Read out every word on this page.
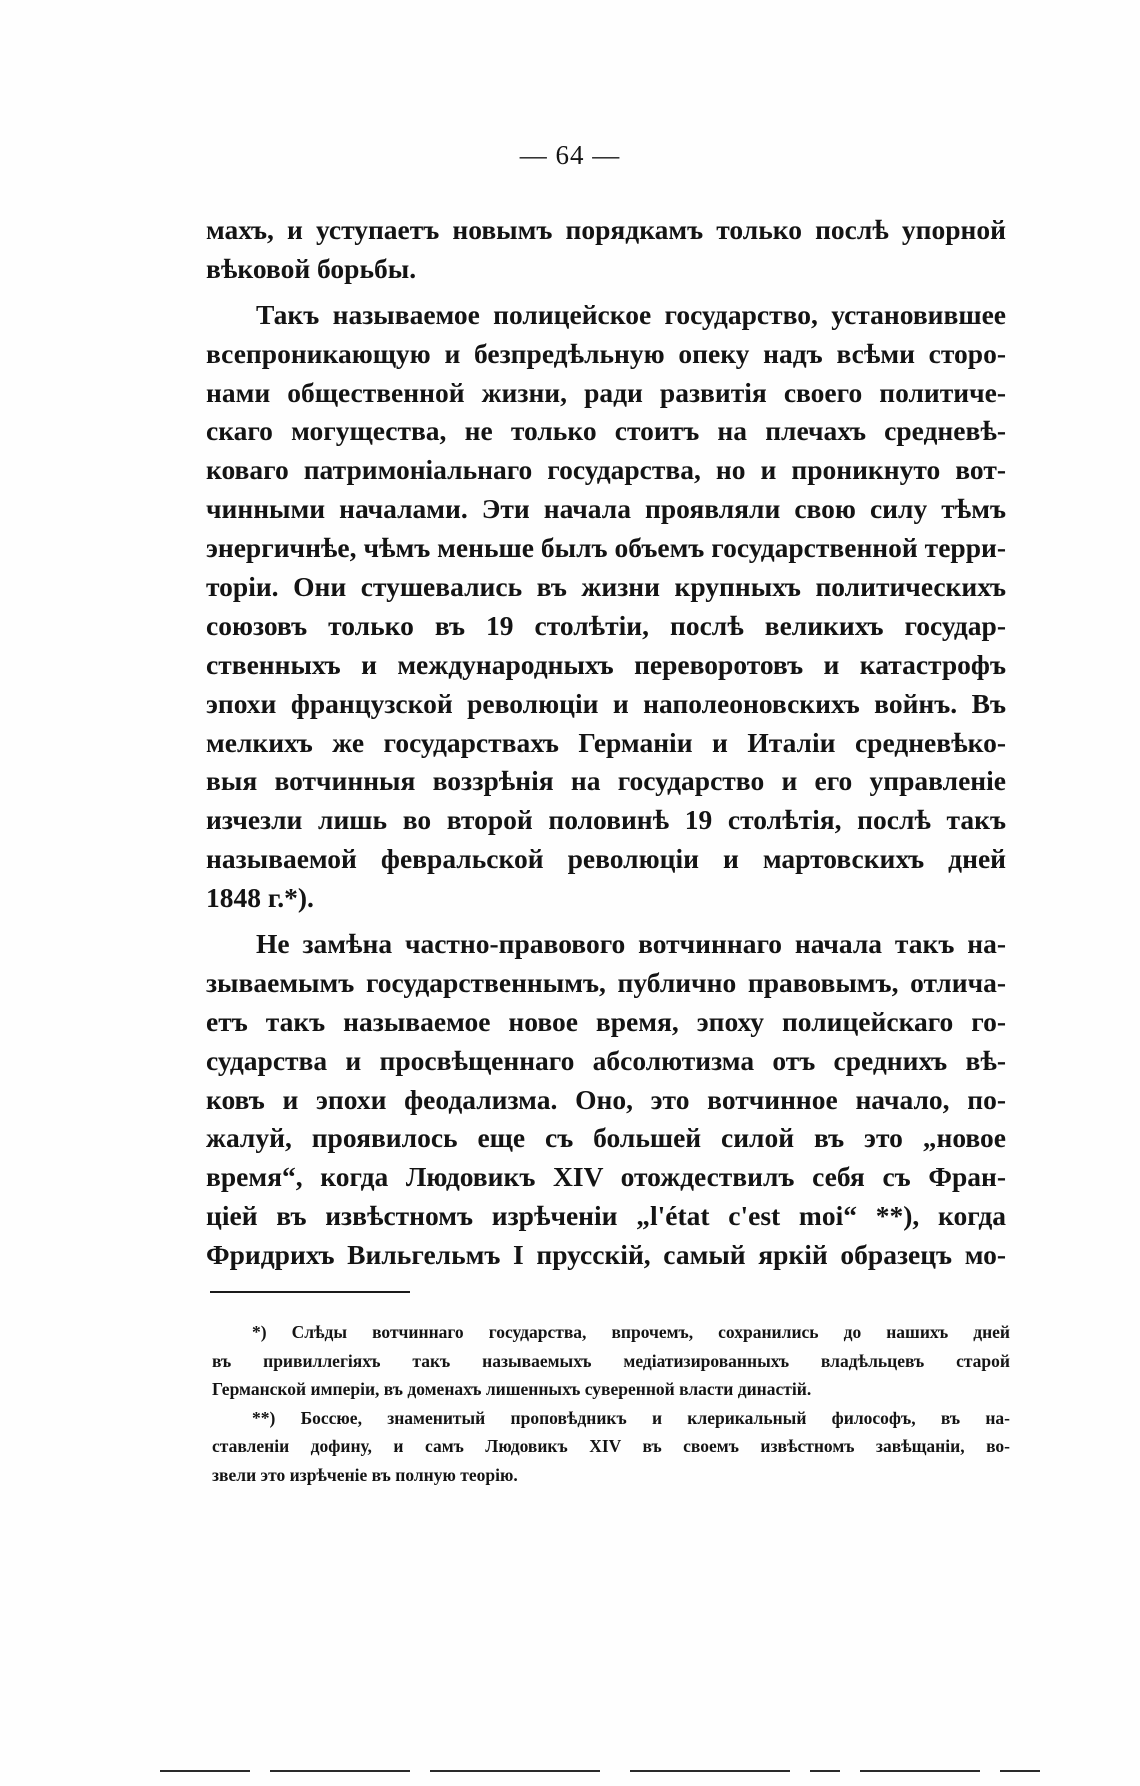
— 64 —
махъ, и уступаетъ новымъ порядкамъ только послѣ упорной
вѣковой борьбы.
Такъ называемое полицейское государство, установившее
всепроникающую и безпредѣльную опеку надъ всѣми сторо-
нами общественной жизни, ради развитія своего политиче-
скаго могущества, не только стоитъ на плечахъ средневѣ-
коваго патримоніальнаго государства, но и проникнуто вот-
чинными началами. Эти начала проявляли свою силу тѣмъ
энергичнѣе, чѣмъ меньше былъ объемъ государственной терри-
торіи. Они стушевались въ жизни крупныхъ политическихъ
союзовъ только въ 19 столѣтіи, послѣ великихъ государ-
ственныхъ и международныхъ переворотовъ и катастрофъ
эпохи французской революціи и наполеоновскихъ войнъ. Въ
мелкихъ же государствахъ Германіи и Италіи средневѣко-
выя вотчинныя воззрѣнія на государство и его управленіе
изчезли лишь во второй половинѣ 19 столѣтія, послѣ такъ
называемой февральской революціи и мартовскихъ дней
1848 г.*).
Не замѣна частно-правового вотчиннаго начала такъ на-
зываемымъ государственнымъ, публично правовымъ, отлича-
етъ такъ называемое новое время, эпоху полицейскаго го-
сударства и просвѣщеннаго абсолютизма отъ среднихъ вѣ-
ковъ и эпохи феодализма. Оно, это вотчинное начало, по-
жалуй, проявилось еще съ большей силой въ это „новое
время“, когда Людовикъ XIV отождествилъ себя съ Фран-
ціей въ извѣстномъ изрѣченіи „l'état c'est moi“ **), когда
Фридрихъ Вильгельмъ I прусскій, самый яркій образецъ мо-
*) Слѣды вотчиннаго государства, впрочемъ, сохранились до нашихъ дней
въ привиллегіяхъ такъ называемыхъ медіатизированныхъ владѣльцевъ старой
Германской имперіи, въ доменахъ лишенныхъ суверенной власти династій.
**) Боссюе, знаменитый проповѣдникъ и клерикальный философъ, въ на-
ставленіи дофину, и самъ Людовикъ XIV въ своемъ извѣстномъ завѣщаніи, во-
звели это изрѣченіе въ полную теорію.
